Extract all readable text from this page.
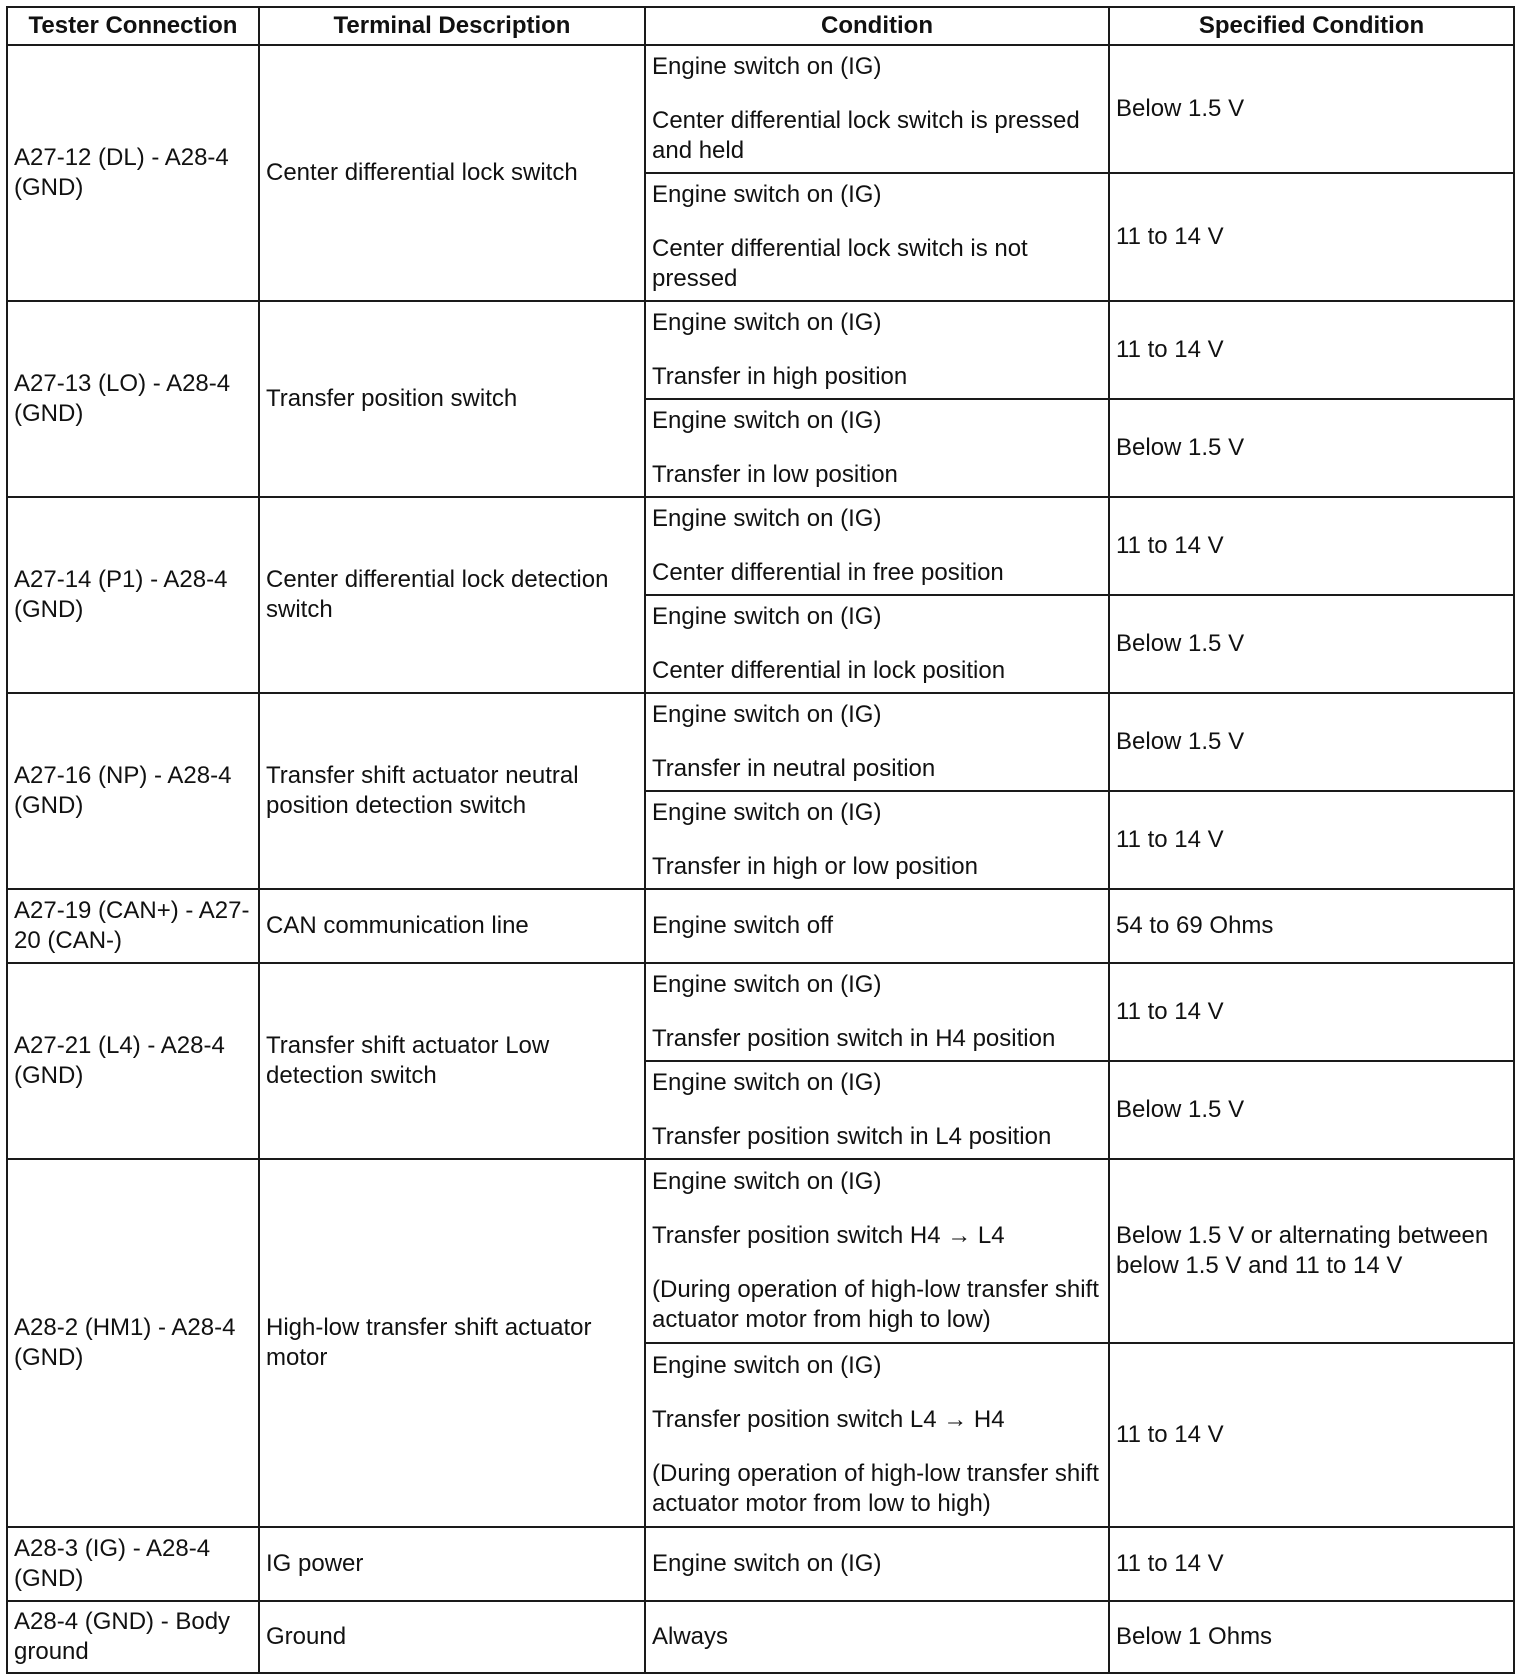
Tester Connection	Terminal Description	Condition	Specified Condition
A27-12 (DL) - A28-4 (GND)	Center differential lock switch	Engine switch on (IG)
Center differential lock switch is pressed and held	Below 1.5 V

		Engine switch on (IG)
Center differential lock switch is not pressed	11 to 14 V
A27-13 (LO) - A28-4 (GND)	Transfer position switch	Engine switch on (IG)
Transfer in high position	11 to 14 V

		Engine switch on (IG)
Transfer in low position	Below 1.5 V
A27-14 (P1) - A28-4 (GND)	Center differential lock detection switch	Engine switch on (IG)
Center differential in free position	11 to 14 V

		Engine switch on (IG)
Center differential in lock position	Below 1.5 V
A27-16 (NP) - A28-4 (GND)	Transfer shift actuator neutral position detection switch	Engine switch on (IG)
Transfer in neutral position	Below 1.5 V

		Engine switch on (IG)
Transfer in high or low position	11 to 14 V
A27-19 (CAN+) - A27-20 (CAN-)	CAN communication line	Engine switch off	54 to 69 Ohms
A27-21 (L4) - A28-4 (GND)	Transfer shift actuator Low detection switch	Engine switch on (IG)
Transfer position switch in H4 position	11 to 14 V

		Engine switch on (IG)
Transfer position switch in L4 position	Below 1.5 V
A28-2 (HM1) - A28-4 (GND)	High-low transfer shift actuator motor	Engine switch on (IG)
Transfer position switch H4 → L4
(During operation of high-low transfer shift actuator motor from high to low)	Below 1.5 V or alternating between below 1.5 V and 11 to 14 V

		Engine switch on (IG)
Transfer position switch L4 → H4
(During operation of high-low transfer shift actuator motor from low to high)	11 to 14 V
A28-3 (IG) - A28-4 (GND)	IG power	Engine switch on (IG)	11 to 14 V
A28-4 (GND) - Body ground	Ground	Always	Below 1 Ohms
